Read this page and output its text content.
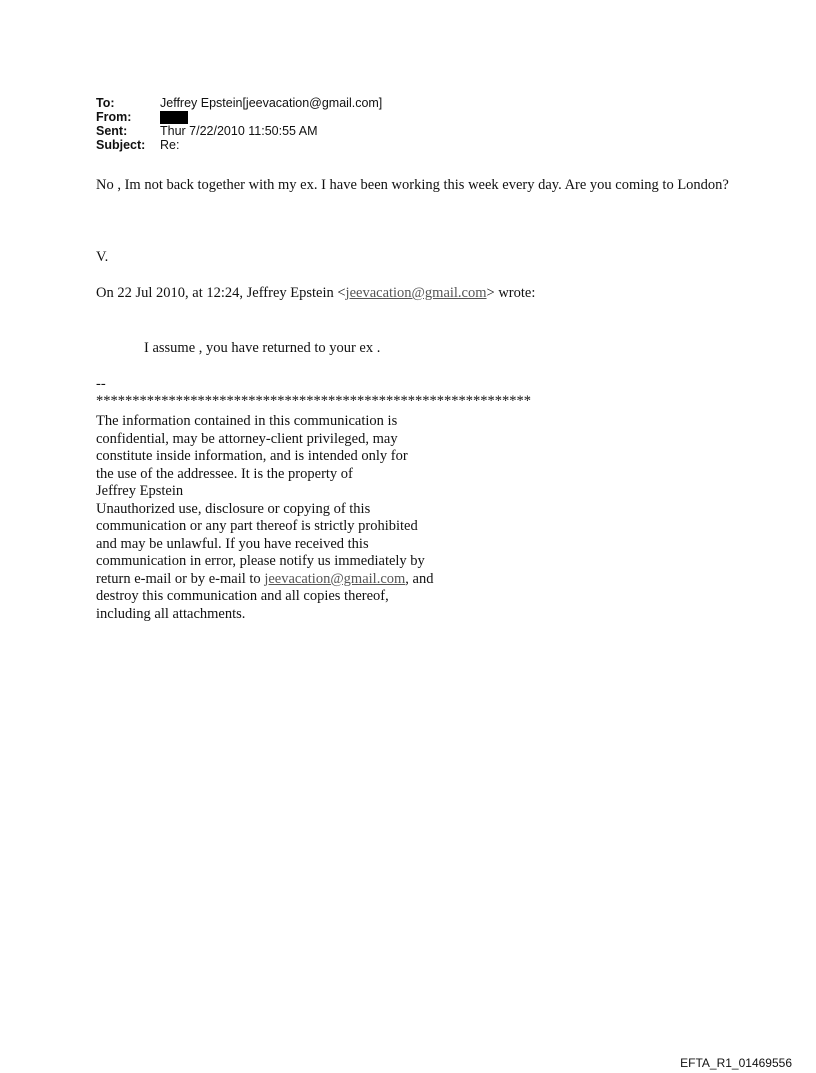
To:	Jeffrey Epstein[jeevacation@gmail.com]
From:
Sent:	Thur 7/22/2010 11:50:55 AM
Subject:	Re:
No , Im not back together with my ex. I have been working this week every day. Are you coming to London?
V.
On 22 Jul 2010, at 12:24, Jeffrey Epstein <jeevacation@gmail.com> wrote:
I assume , you have returned to your ex .
--
************************************************************
The information contained in this communication is
confidential, may be attorney-client privileged, may
constitute inside information, and is intended only for
the use of the addressee. It is the property of
Jeffrey Epstein
Unauthorized use, disclosure or copying of this
communication or any part thereof is strictly prohibited
and may be unlawful. If you have received this
communication in error, please notify us immediately by
return e-mail or by e-mail to jeevacation@gmail.com, and
destroy this communication and all copies thereof,
including all attachments.
EFTA_R1_01469556
